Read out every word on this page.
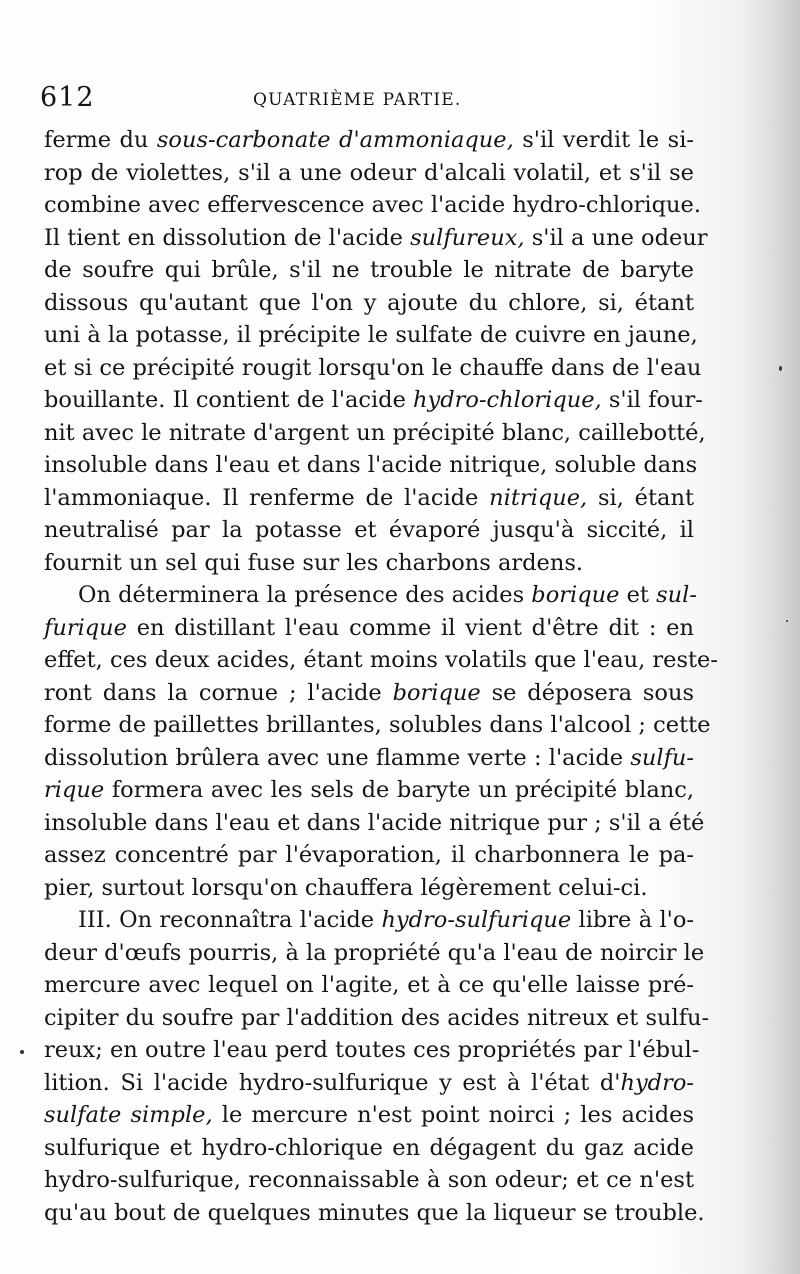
612	QUATRIÈME PARTIE.
ferme du sous-carbonate d'ammoniaque, s'il verdit le si-
rop de violettes, s'il a une odeur d'alcali volatil, et s'il se
combine avec effervescence avec l'acide hydro-chlorique.
Il tient en dissolution de l'acide sulfureux, s'il a une odeur
de soufre qui brûle, s'il ne trouble le nitrate de baryte
dissous qu'autant que l'on y ajoute du chlore, si, étant
uni à la potasse, il précipite le sulfate de cuivre en jaune,
et si ce précipité rougit lorsqu'on le chauffe dans de l'eau
bouillante. Il contient de l'acide hydro-chlorique, s'il four-
nit avec le nitrate d'argent un précipité blanc, caillebotté,
insoluble dans l'eau et dans l'acide nitrique, soluble dans
l'ammoniaque. Il renferme de l'acide nitrique, si, étant
neutralisé par la potasse et évaporé jusqu'à siccité, il
fournit un sel qui fuse sur les charbons ardens.
On déterminera la présence des acides borique et sul-
furique en distillant l'eau comme il vient d'être dit : en
effet, ces deux acides, étant moins volatils que l'eau, reste-
ront dans la cornue ; l'acide borique se déposera sous
forme de paillettes brillantes, solubles dans l'alcool ; cette
dissolution brûlera avec une flamme verte : l'acide sulfu-
rique formera avec les sels de baryte un précipité blanc,
insoluble dans l'eau et dans l'acide nitrique pur ; s'il a été
assez concentré par l'évaporation, il charbonnera le pa-
pier, surtout lorsqu'on chauffera légèrement celui-ci.
III. On reconnaîtra l'acide hydro-sulfurique libre à l'o-
deur d'œufs pourris, à la propriété qu'a l'eau de noircir le
mercure avec lequel on l'agite, et à ce qu'elle laisse pré-
cipiter du soufre par l'addition des acides nitreux et sulfu-
reux; en outre l'eau perd toutes ces propriétés par l'ébul-
lition. Si l'acide hydro-sulfurique y est à l'état d'hydro-
sulfate simple, le mercure n'est point noirci ; les acides
sulfurique et hydro-chlorique en dégagent du gaz acide
hydro-sulfurique, reconnaissable à son odeur; et ce n'est
qu'au bout de quelques minutes que la liqueur se trouble.
